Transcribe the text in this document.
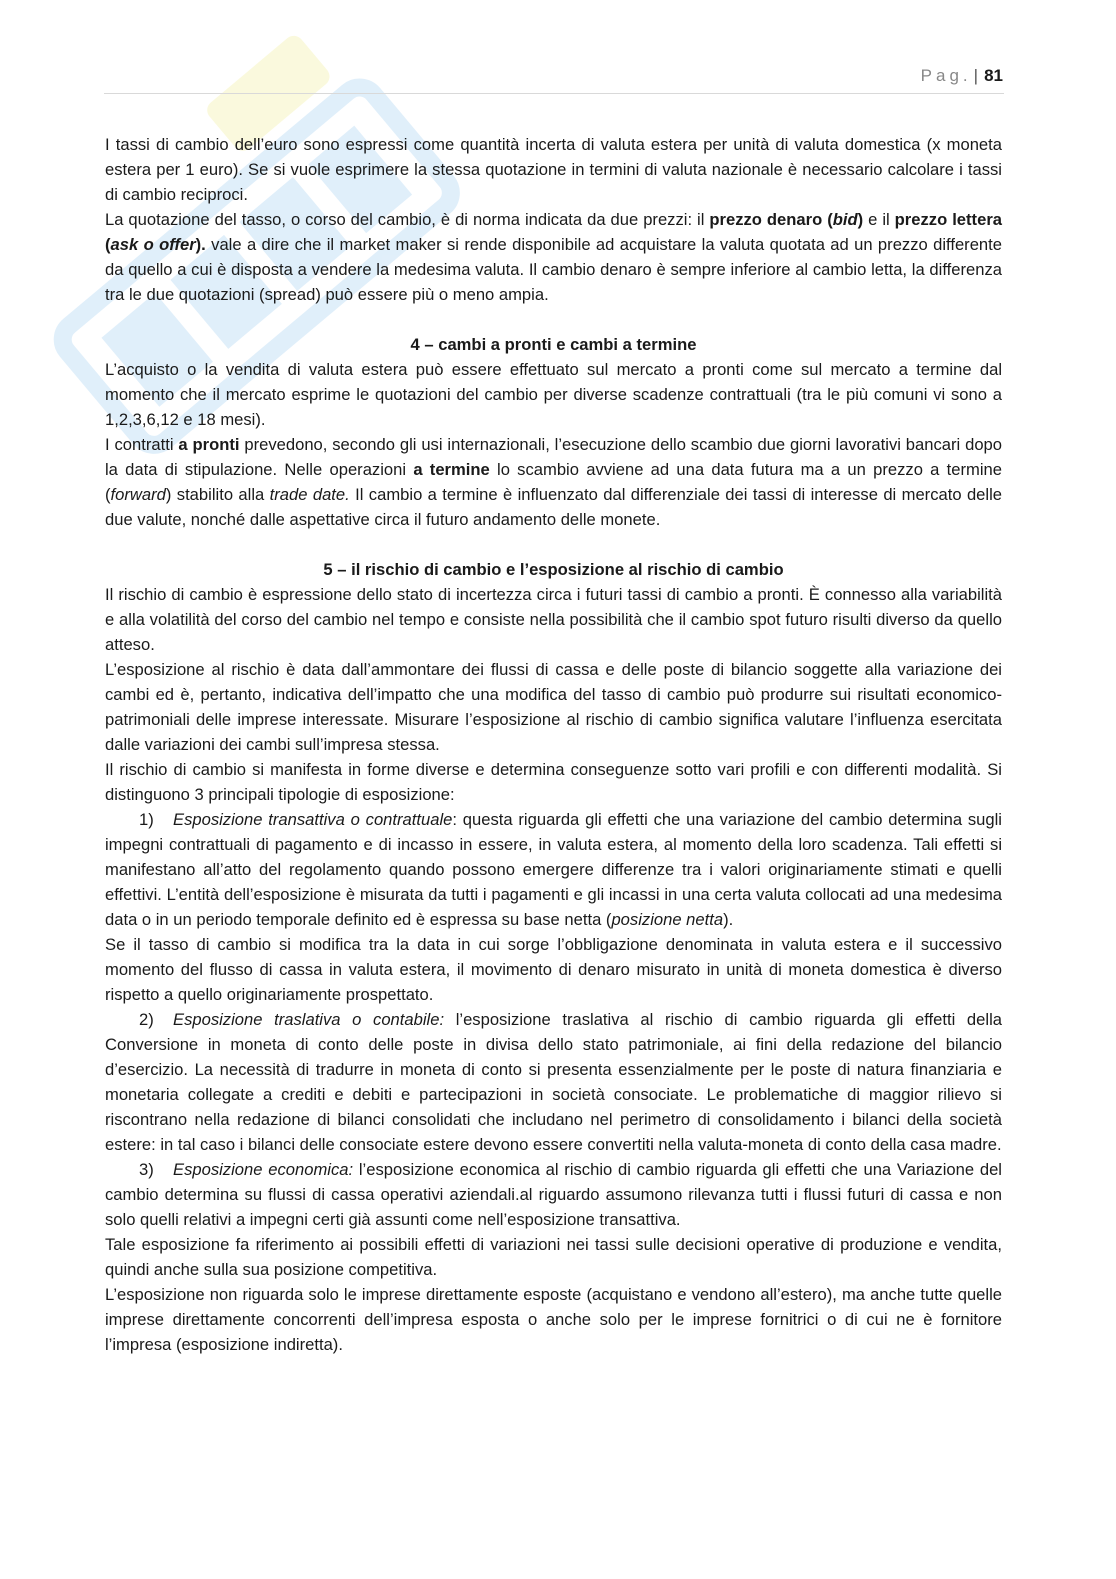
Pag. | 81

I tassi di cambio dell’euro sono espressi come quantità incerta di valuta estera per unità di valuta domestica (x moneta estera per 1 euro). Se si vuole esprimere la stessa quotazione in termini di valuta nazionale è necessario calcolare i tassi di cambio reciproci.

La quotazione del tasso, o corso del cambio, è di norma indicata da due prezzi: il prezzo denaro (bid) e il prezzo lettera (ask o offer). vale a dire che il market maker si rende disponibile ad acquistare la valuta quotata ad un prezzo differente da quello a cui è disposta a vendere la medesima valuta. Il cambio denaro è sempre inferiore al cambio letta, la differenza tra le due quotazioni (spread) può essere più o meno ampia.

4 – cambi a pronti e cambi a termine

L’acquisto o la vendita di valuta estera può essere effettuato sul mercato a pronti come sul mercato a termine dal momento che il mercato esprime le quotazioni del cambio per diverse scadenze contrattuali (tra le più comuni vi sono a 1,2,3,6,12 e 18 mesi).

I contratti a pronti prevedono, secondo gli usi internazionali, l’esecuzione dello scambio due giorni lavorativi bancari dopo la data di stipulazione. Nelle operazioni a termine lo scambio avviene ad una data futura ma a un prezzo a termine (forward) stabilito alla trade date. Il cambio a termine è influenzato dal differenziale dei tassi di interesse di mercato delle due valute, nonché dalle aspettative circa il futuro andamento delle monete.

5 – il rischio di cambio e l’esposizione al rischio di cambio

Il rischio di cambio è espressione dello stato di incertezza circa i futuri tassi di cambio a pronti. È connesso alla variabilità e alla volatilità del corso del cambio nel tempo e consiste nella possibilità che il cambio spot futuro risulti diverso da quello atteso.

L’esposizione al rischio è data dall’ammontare dei flussi di cassa e delle poste di bilancio soggette alla variazione dei cambi ed è, pertanto, indicativa dell’impatto che una modifica del tasso di cambio può produrre sui risultati economico-patrimoniali delle imprese interessate. Misurare l’esposizione al rischio di cambio significa valutare l’influenza esercitata dalle variazioni dei cambi sull’impresa stessa.

Il rischio di cambio si manifesta in forme diverse e determina conseguenze sotto vari profili e con differenti modalità. Si distinguono 3 principali tipologie di esposizione:

1) Esposizione transattiva o contrattuale: questa riguarda gli effetti che una variazione del cambio determina sugli impegni contrattuali di pagamento e di incasso in essere, in valuta estera, al momento della loro scadenza. Tali effetti si manifestano all’atto del regolamento quando possono emergere differenze tra i valori originariamente stimati e quelli effettivi. L’entità dell’esposizione è misurata da tutti i pagamenti e gli incassi in una certa valuta collocati ad una medesima data o in un periodo temporale definito ed è espressa su base netta (posizione netta).

Se il tasso di cambio si modifica tra la data in cui sorge l’obbligazione denominata in valuta estera e il successivo momento del flusso di cassa in valuta estera, il movimento di denaro misurato in unità di moneta domestica è diverso rispetto a quello originariamente prospettato.

2) Esposizione traslativa o contabile: l’esposizione traslativa al rischio di cambio riguarda gli effetti della Conversione in moneta di conto delle poste in divisa dello stato patrimoniale, ai fini della redazione del bilancio d’esercizio. La necessità di tradurre in moneta di conto si presenta essenzialmente per le poste di natura finanziaria e monetaria collegate a crediti e debiti e partecipazioni in società consociate. Le problematiche di maggior rilievo si riscontrano nella redazione di bilanci consolidati che includano nel perimetro di consolidamento i bilanci della società estere: in tal caso i bilanci delle consociate estere devono essere convertiti nella valuta-moneta di conto della casa madre.

3) Esposizione economica: l’esposizione economica al rischio di cambio riguarda gli effetti che una Variazione del cambio determina su flussi di cassa operativi aziendali.al riguardo assumono rilevanza tutti i flussi futuri di cassa e non solo quelli relativi a impegni certi già assunti come nell’esposizione transattiva.

Tale esposizione fa riferimento ai possibili effetti di variazioni nei tassi sulle decisioni operative di produzione e vendita, quindi anche sulla sua posizione competitiva.

L’esposizione non riguarda solo le imprese direttamente esposte (acquistano e vendono all’estero), ma anche tutte quelle imprese direttamente concorrenti dell’impresa esposta o anche solo per le imprese fornitrici o di cui ne è fornitore l’impresa (esposizione indiretta).
